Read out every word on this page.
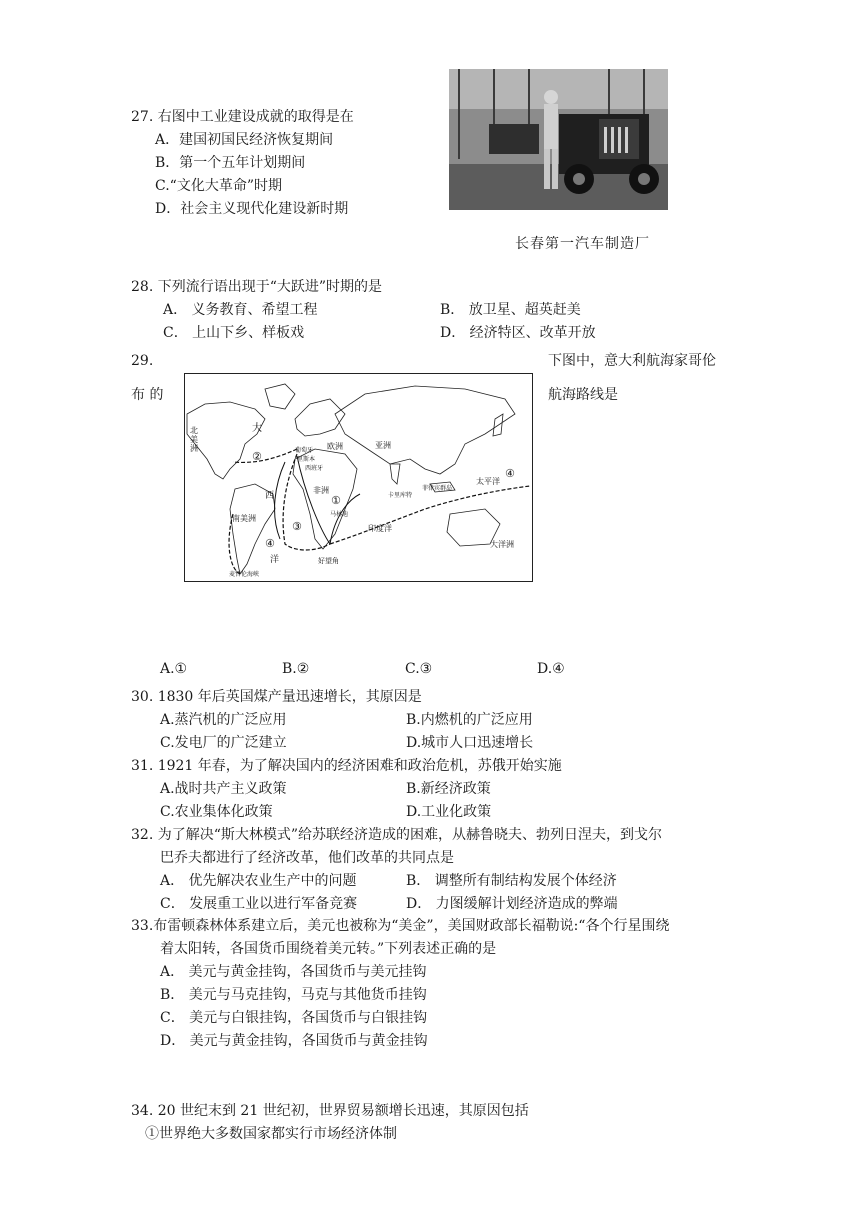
27. 右图中工业建设成就的取得是在
A．建国初国民经济恢复期间
B．第一个五年计划期间
C.“文化大革命”时期
D．社会主义现代化建设新时期
长春第一汽车制造厂
28. 下列流行语出现于“大跃进”时期的是
A． 义务教育、希望工程	B． 放卫星、超英赶美
C． 上山下乡、样板戏	D． 经济特区、改革开放
29.	下图中，意大利航海家哥伦
布 的	航海路线是
北
美
洲
大
葡萄牙
里斯本
西班牙
欧洲	亚洲
非洲
西
南美洲
洋
太平洋
印度洋
大洋洲
卡里库特
菲律宾群岛
马林迪
好望角
麦哲伦海峡
②
①
③
④
④
A.①	B.②	C.③	D.④
30. 1830 年后英国煤产量迅速增长，其原因是
A.蒸汽机的广泛应用	B.内燃机的广泛应用
C.发电厂的广泛建立	D.城市人口迅速增长
31. 1921 年春，为了解决国内的经济困难和政治危机，苏俄开始实施
A.战时共产主义政策	B.新经济政策
C.农业集体化政策	D.工业化政策
32. 为了解决“斯大林模式”给苏联经济造成的困难，从赫鲁晓夫、勃列日涅夫，到戈尔
巴乔夫都进行了经济改革，他们改革的共同点是
A． 优先解决农业生产中的问题	B． 调整所有制结构发展个体经济
C． 发展重工业以进行军备竞赛	D． 力图缓解计划经济造成的弊端
33.布雷顿森林体系建立后，美元也被称为“美金”，美国财政部长福勒说:“各个行星围绕
着太阳转，各国货币围绕着美元转。”下列表述正确的是
A． 美元与黄金挂钩，各国货币与美元挂钩
B． 美元与马克挂钩，马克与其他货币挂钩
C． 美元与白银挂钩，各国货币与白银挂钩
D． 美元与黄金挂钩，各国货币与黄金挂钩
34. 20 世纪末到 21 世纪初，世界贸易额增长迅速，其原因包括
①世界绝大多数国家都实行市场经济体制
